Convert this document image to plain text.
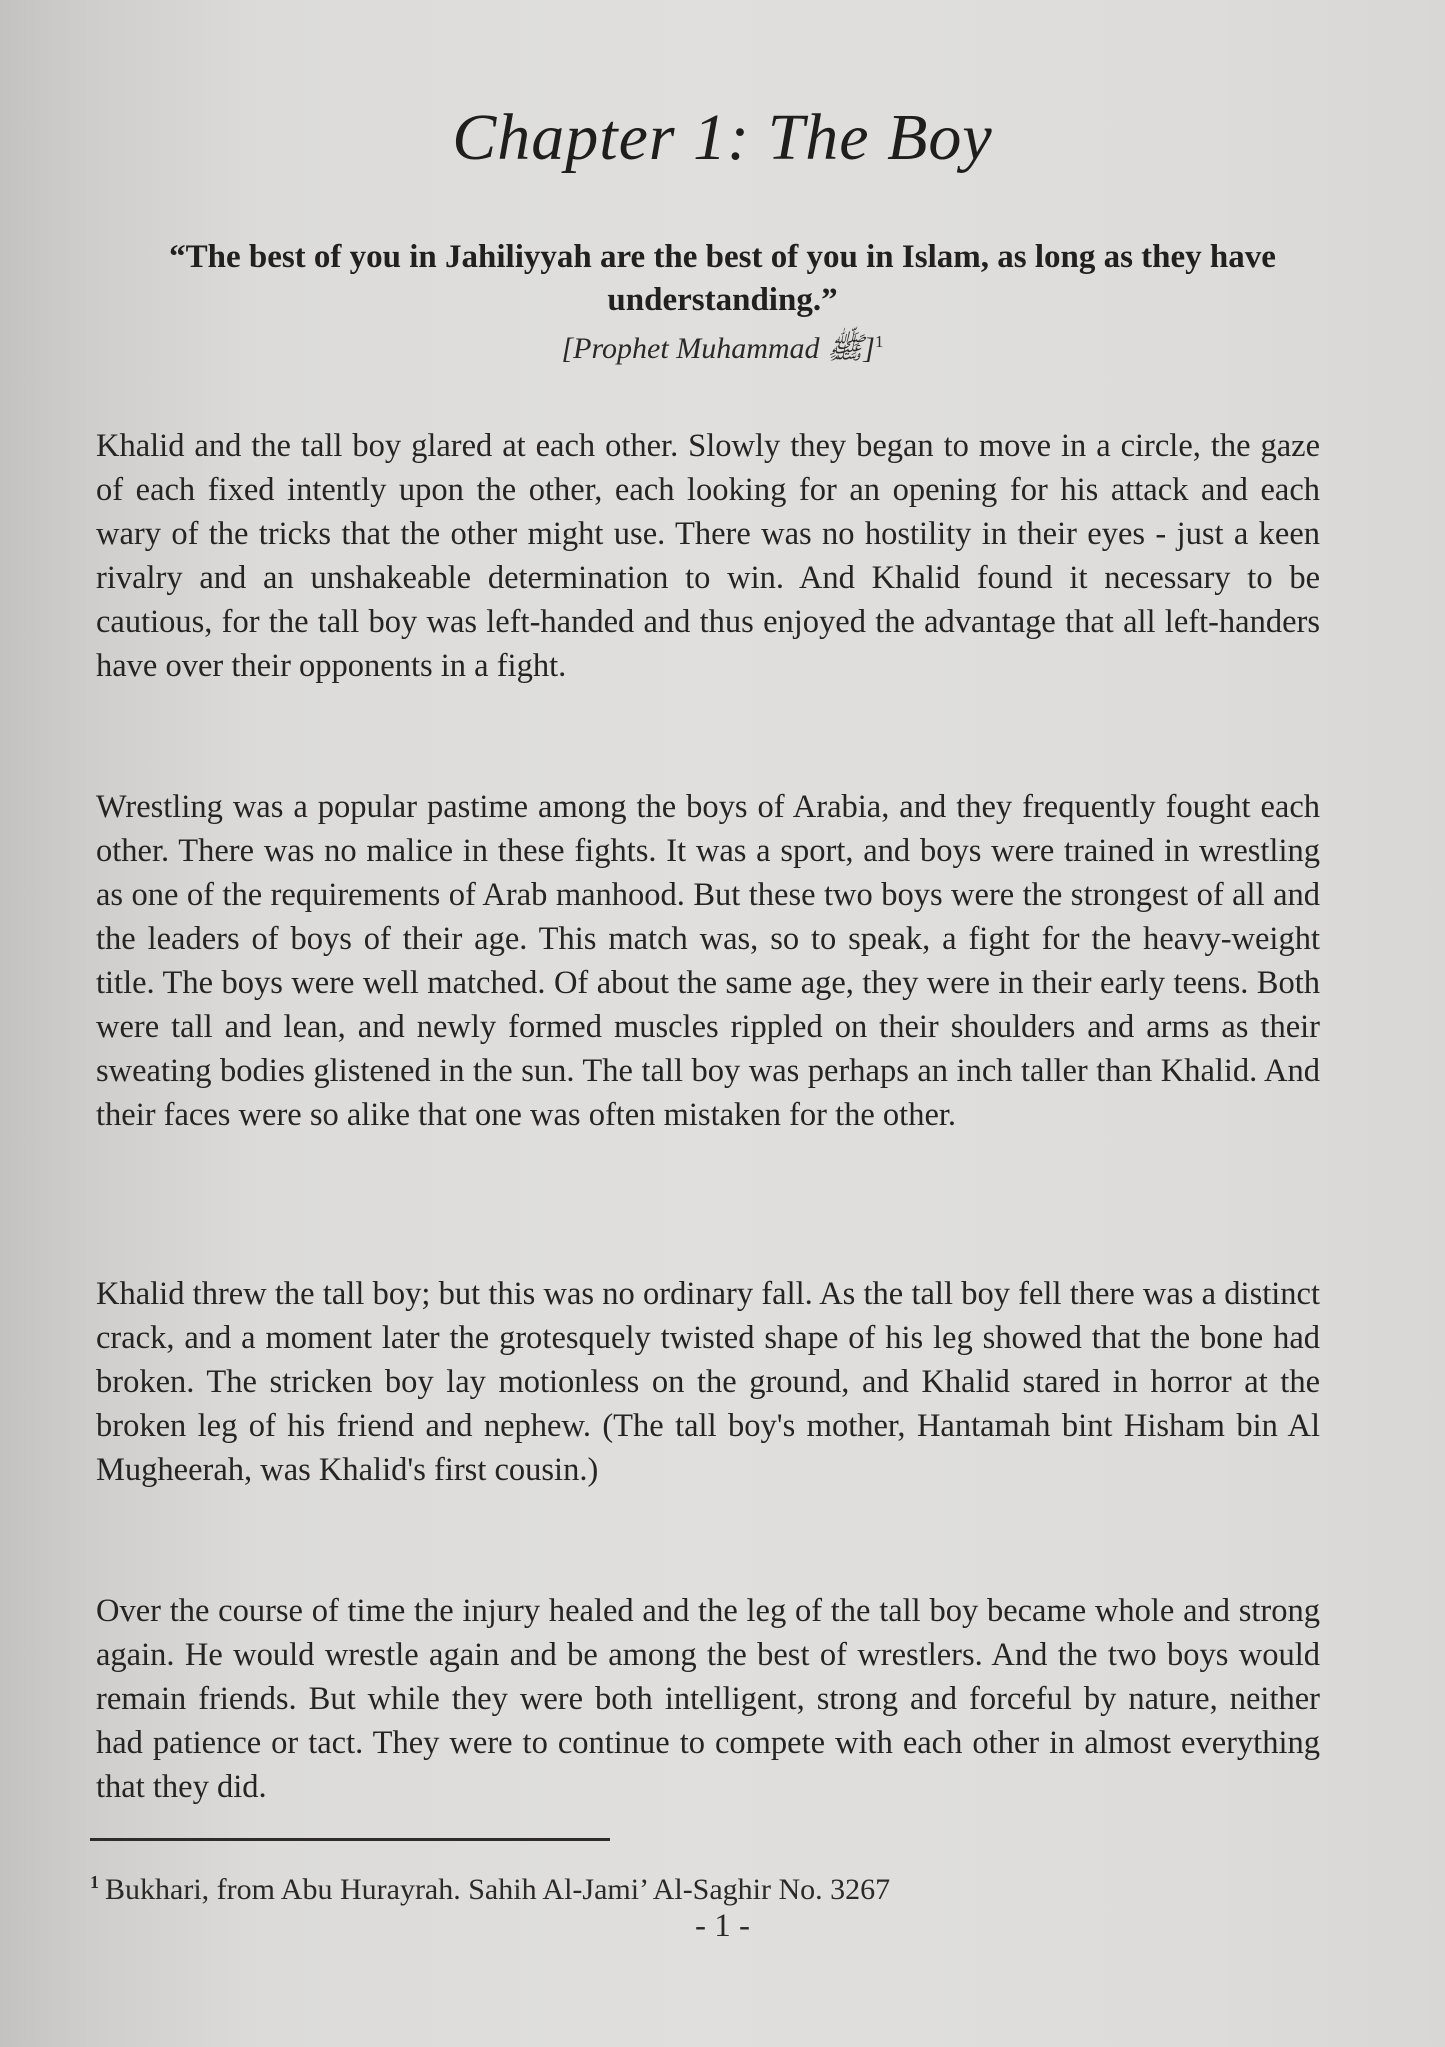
Chapter 1: The Boy

“The best of you in Jahiliyyah are the best of you in Islam, as long as they have understanding.”

[Prophet Muhammad ﷺ]$^1$

Khalid and the tall boy glared at each other. Slowly they began to move in a circle, the gaze of each fixed intently upon the other, each looking for an opening for his attack and each wary of the tricks that the other might use. There was no hostility in their eyes - just a keen rivalry and an unshakeable determination to win. And Khalid found it necessary to be cautious, for the tall boy was left-handed and thus enjoyed the advantage that all left-handers have over their opponents in a fight.

Wrestling was a popular pastime among the boys of Arabia, and they frequently fought each other. There was no malice in these fights. It was a sport, and boys were trained in wrestling as one of the requirements of Arab manhood. But these two boys were the strongest of all and the leaders of boys of their age. This match was, so to speak, a fight for the heavy-weight title. The boys were well matched. Of about the same age, they were in their early teens. Both were tall and lean, and newly formed muscles rippled on their shoulders and arms as their sweating bodies glistened in the sun. The tall boy was perhaps an inch taller than Khalid. And their faces were so alike that one was often mistaken for the other.

Khalid threw the tall boy; but this was no ordinary fall. As the tall boy fell there was a distinct crack, and a moment later the grotesquely twisted shape of his leg showed that the bone had broken. The stricken boy lay motionless on the ground, and Khalid stared in horror at the broken leg of his friend and nephew. (The tall boy's mother, Hantamah bint Hisham bin Al Mugheerah, was Khalid's first cousin.)

Over the course of time the injury healed and the leg of the tall boy became whole and strong again. He would wrestle again and be among the best of wrestlers. And the two boys would remain friends. But while they were both intelligent, strong and forceful by nature, neither had patience or tact. They were to continue to compete with each other in almost everything that they did.

$^1$ Bukhari, from Abu Hurayrah. Sahih Al-Jami’ Al-Saghir No. 3267

- 1 -
